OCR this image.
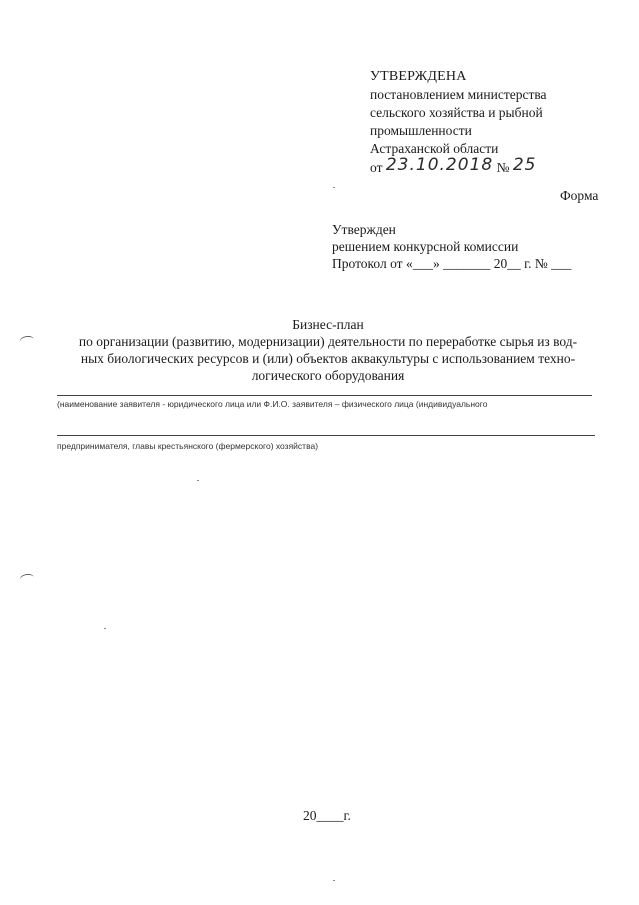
УТВЕРЖДЕНА
постановлением министерства
сельского хозяйства и рыбной
промышленности
Астраханской области
от 23.10.2018 № 25
Форма
Утвержден
решением конкурсной комиссии
Протокол от «___» _______ 20__ г. № ___
Бизнес-план
по организации (развитию, модернизации) деятельности по переработке сырья из вод-
ных биологических ресурсов и (или) объектов аквакультуры с использованием техно-
логического оборудования
(наименование заявителя - юридического лица или Ф.И.О. заявителя – физического лица (индивидуального
предпринимателя, главы крестьянского (фермерского) хозяйства)
20____г.
